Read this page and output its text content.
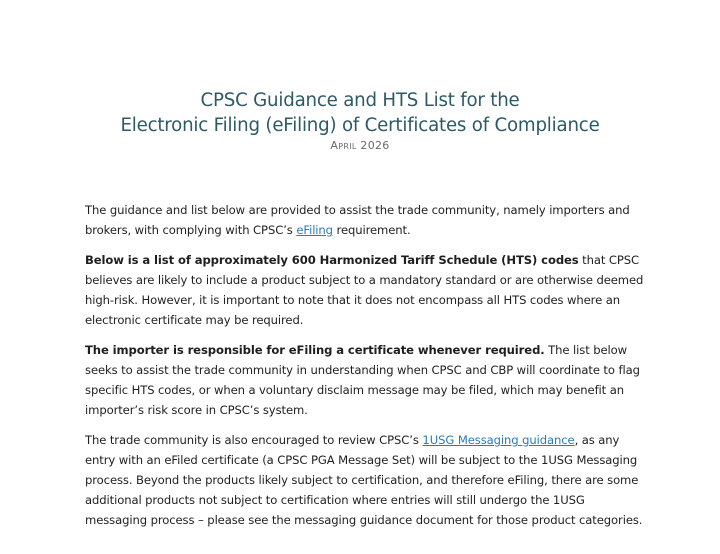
CPSC Guidance and HTS List for the
Electronic Filing (eFiling) of Certificates of Compliance
April 2026

The guidance and list below are provided to assist the trade community, namely importers and brokers, with complying with CPSC’s eFiling requirement.

Below is a list of approximately 600 Harmonized Tariff Schedule (HTS) codes that CPSC believes are likely to include a product subject to a mandatory standard or are otherwise deemed high-risk. However, it is important to note that it does not encompass all HTS codes where an electronic certificate may be required.

The importer is responsible for eFiling a certificate whenever required. The list below seeks to assist the trade community in understanding when CPSC and CBP will coordinate to flag specific HTS codes, or when a voluntary disclaim message may be filed, which may benefit an importer’s risk score in CPSC’s system.

The trade community is also encouraged to review CPSC’s 1USG Messaging guidance, as any entry with an eFiled certificate (a CPSC PGA Message Set) will be subject to the 1USG Messaging process. Beyond the products likely subject to certification, and therefore eFiling, there are some additional products not subject to certification where entries will still undergo the 1USG messaging process – please see the messaging guidance document for those product categories.
